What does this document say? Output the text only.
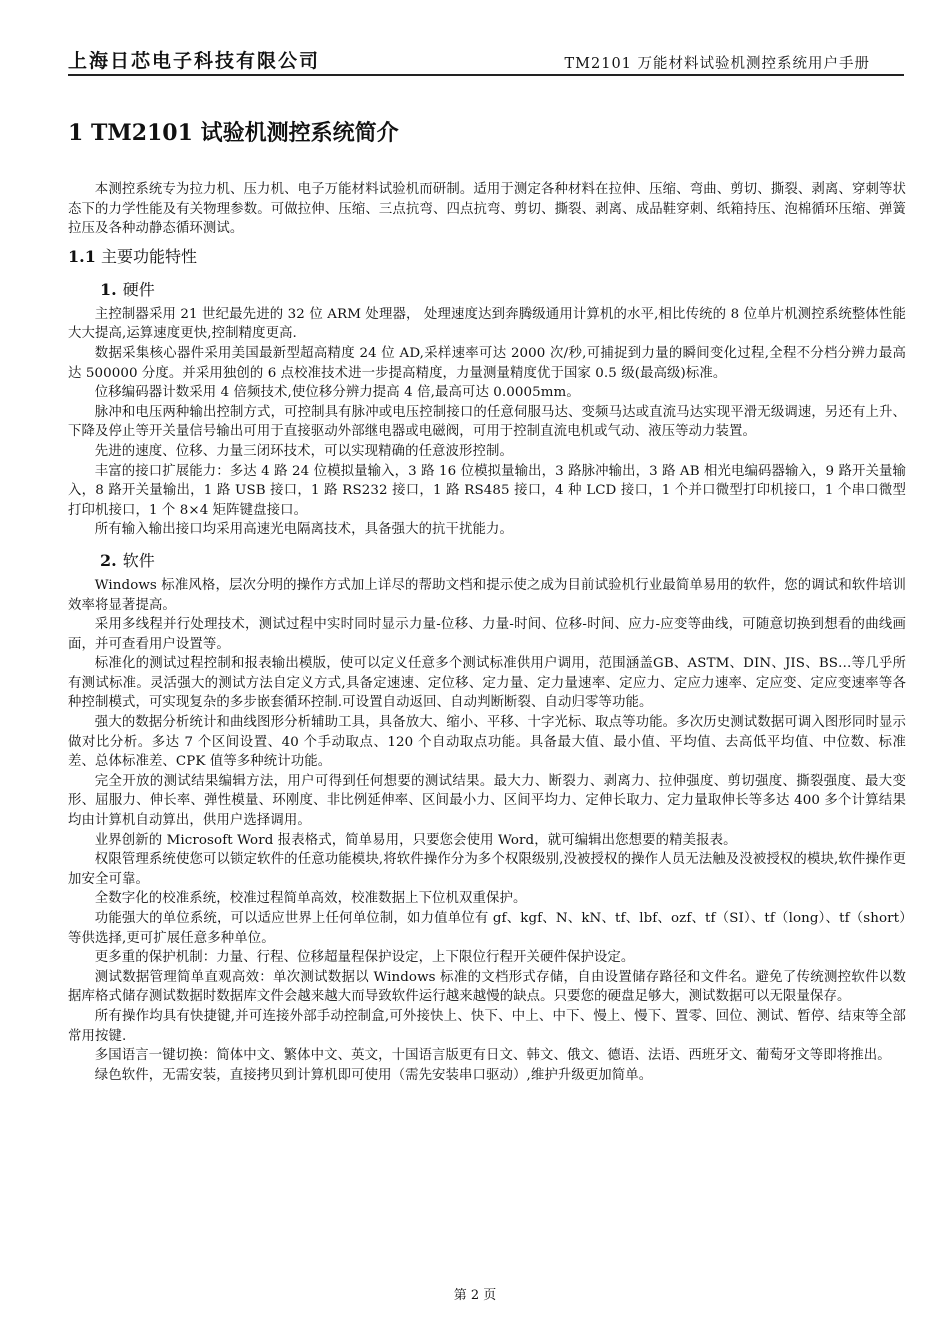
上海日芯电子科技有限公司	TM2101 万能材料试验机测控系统用户手册
1 TM2101 试验机测控系统简介

本测控系统专为拉力机、压力机、电子万能材料试验机而研制。适用于测定各种材料在拉伸、压缩、弯曲、剪切、撕裂、剥离、穿刺等状态下的力学性能及有关物理参数。可做拉伸、压缩、三点抗弯、四点抗弯、剪切、撕裂、剥离、成品鞋穿刺、纸箱持压、泡棉循环压缩、弹簧拉压及各种动静态循环测试。

1.1 主要功能特性
1. 硬件

主控制器采用 21 世纪最先进的 32 位 ARM 处理器， 处理速度达到奔腾级通用计算机的水平,相比传统的 8 位单片机测控系统整体性能大大提高,运算速度更快,控制精度更高.

数据采集核心器件采用美国最新型超高精度 24 位 AD,采样速率可达 2000 次/秒,可捕捉到力量的瞬间变化过程,全程不分档分辨力最高达 500000 分度。并采用独创的 6 点校准技术进一步提高精度，力量测量精度优于国家 0.5 级(最高级)标准。

位移编码器计数采用 4 倍频技术,使位移分辨力提高 4 倍,最高可达 0.0005mm。

脉冲和电压两种输出控制方式，可控制具有脉冲或电压控制接口的任意伺服马达、变频马达或直流马达实现平滑无级调速，另还有上升、下降及停止等开关量信号输出可用于直接驱动外部继电器或电磁阀，可用于控制直流电机或气动、液压等动力装置。

先进的速度、位移、力量三闭环技术，可以实现精确的任意波形控制。

丰富的接口扩展能力：多达 4 路 24 位模拟量输入，3 路 16 位模拟量输出，3 路脉冲输出，3 路 AB 相光电编码器输入，9 路开关量输入，8 路开关量输出，1 路 USB 接口，1 路 RS232 接口，1 路 RS485 接口，4 种 LCD 接口，1 个并口微型打印机接口，1 个串口微型打印机接口，1 个 8×4 矩阵键盘接口。

所有输入输出接口均采用高速光电隔离技术，具备强大的抗干扰能力。

2. 软件

Windows 标准风格，层次分明的操作方式加上详尽的帮助文档和提示使之成为目前试验机行业最简单易用的软件，您的调试和软件培训效率将显著提高。

采用多线程并行处理技术，测试过程中实时同时显示力量-位移、力量-时间、位移-时间、应力-应变等曲线，可随意切换到想看的曲线画面，并可查看用户设置等。

标准化的测试过程控制和报表输出模版，使可以定义任意多个测试标准供用户调用，范围涵盖GB、ASTM、DIN、JIS、BS…等几乎所有测试标准。灵活强大的测试方法自定义方式,具备定速速、定位移、定力量、定力量速率、定应力、定应力速率、定应变、定应变速率等各种控制模式，可实现复杂的多步嵌套循环控制.可设置自动返回、自动判断断裂、自动归零等功能。

强大的数据分析统计和曲线图形分析辅助工具，具备放大、缩小、平移、十字光标、取点等功能。多次历史测试数据可调入图形同时显示做对比分析。多达 7 个区间设置、40 个手动取点、120 个自动取点功能。具备最大值、最小值、平均值、去高低平均值、中位数、标准差、总体标准差、CPK 值等多种统计功能。

完全开放的测试结果编辑方法，用户可得到任何想要的测试结果。最大力、断裂力、剥离力、拉伸强度、剪切强度、撕裂强度、最大变形、屈服力、伸长率、弹性模量、环刚度、非比例延伸率、区间最小力、区间平均力、定伸长取力、定力量取伸长等多达 400 多个计算结果均由计算机自动算出，供用户选择调用。

业界创新的 Microsoft Word 报表格式，简单易用，只要您会使用 Word，就可编辑出您想要的精美报表。

权限管理系统使您可以锁定软件的任意功能模块,将软件操作分为多个权限级别,没被授权的操作人员无法触及没被授权的模块,软件操作更加安全可靠。

全数字化的校准系统，校准过程简单高效，校准数据上下位机双重保护。

功能强大的单位系统，可以适应世界上任何单位制，如力值单位有 gf、kgf、N、kN、tf、lbf、ozf、tf（SI）、tf（long）、tf（short）等供选择,更可扩展任意多种单位。

更多重的保护机制：力量、行程、位移超量程保护设定，上下限位行程开关硬件保护设定。

测试数据管理简单直观高效：单次测试数据以 Windows 标准的文档形式存储，自由设置储存路径和文件名。避免了传统测控软件以数据库格式储存测试数据时数据库文件会越来越大而导致软件运行越来越慢的缺点。只要您的硬盘足够大，测试数据可以无限量保存。

所有操作均具有快捷键,并可连接外部手动控制盒,可外接快上、快下、中上、中下、慢上、慢下、置零、回位、测试、暂停、结束等全部常用按键.

多国语言一键切换：简体中文、繁体中文、英文，十国语言版更有日文、韩文、俄文、德语、法语、西班牙文、葡萄牙文等即将推出。

绿色软件，无需安装，直接拷贝到计算机即可使用（需先安装串口驱动）,维护升级更加简单。

第 2 页
